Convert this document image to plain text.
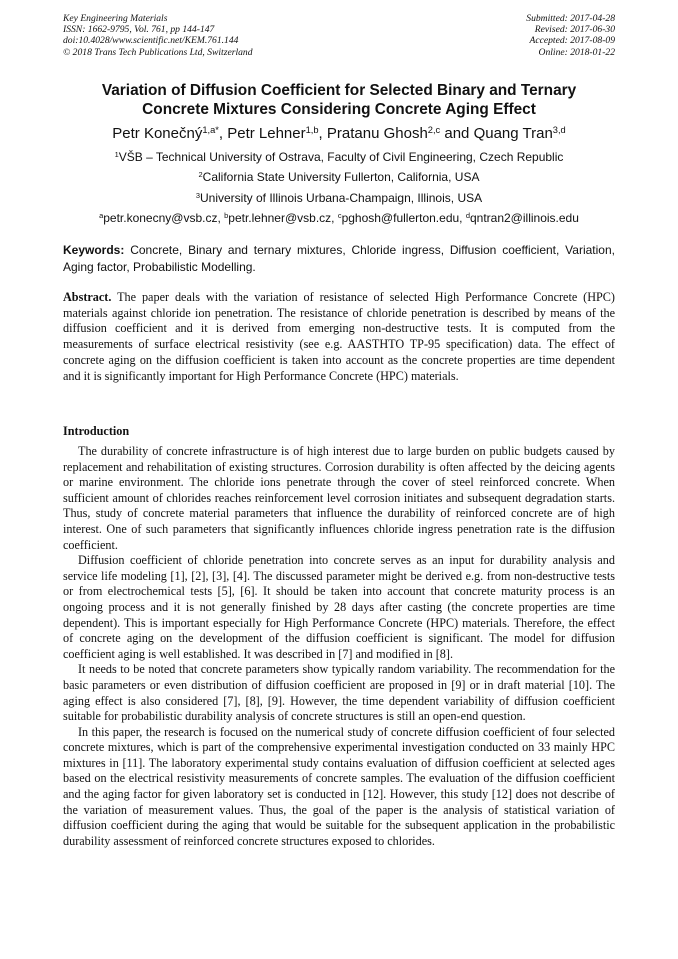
Key Engineering Materials
ISSN: 1662-9795, Vol. 761, pp 144-147
doi:10.4028/www.scientific.net/KEM.761.144
© 2018 Trans Tech Publications Ltd, Switzerland
Submitted: 2017-04-28
Revised: 2017-06-30
Accepted: 2017-08-09
Online: 2018-01-22
Variation of Diffusion Coefficient for Selected Binary and Ternary
Concrete Mixtures Considering Concrete Aging Effect
Petr Konečný$^{1,a*}$, Petr Lehner$^{1,b}$, Pratanu Ghosh$^{2,c}$ and Quang Tran$^{3,d}$
$^1$VŠB – Technical University of Ostrava, Faculty of Civil Engineering, Czech Republic
$^2$California State University Fullerton, California, USA
$^3$University of Illinois Urbana-Champaign, Illinois, USA
$^a$petr.konecny@vsb.cz, $^b$petr.lehner@vsb.cz, $^c$pghosh@fullerton.edu, $^d$qntran2@illinois.edu
Keywords: Concrete, Binary and ternary mixtures, Chloride ingress, Diffusion coefficient, Variation, Aging factor, Probabilistic Modelling.
Abstract. The paper deals with the variation of resistance of selected High Performance Concrete (HPC) materials against chloride ion penetration. The resistance of chloride penetration is described by means of the diffusion coefficient and it is derived from emerging non-destructive tests. It is computed from the measurements of surface electrical resistivity (see e.g. AASTHTO TP-95 specification) data. The effect of concrete aging on the diffusion coefficient is taken into account as the concrete properties are time dependent and it is significantly important for High Performance Concrete (HPC) materials.
Introduction

The durability of concrete infrastructure is of high interest due to large burden on public budgets caused by replacement and rehabilitation of existing structures. Corrosion durability is often affected by the deicing agents or marine environment. The chloride ions penetrate through the cover of steel reinforced concrete. When sufficient amount of chlorides reaches reinforcement level corrosion initiates and subsequent degradation starts. Thus, study of concrete material parameters that influence the durability of reinforced concrete are of high interest. One of such parameters that significantly influences chloride ingress penetration rate is the diffusion coefficient.

Diffusion coefficient of chloride penetration into concrete serves as an input for durability analysis and service life modeling [1], [2], [3], [4]. The discussed parameter might be derived e.g. from non-destructive tests or from electrochemical tests [5], [6]. It should be taken into account that concrete maturity process is an ongoing process and it is not generally finished by 28 days after casting (the concrete properties are time dependent). This is important especially for High Performance Concrete (HPC) materials. Therefore, the effect of concrete aging on the development of the diffusion coefficient is significant. The model for diffusion coefficient aging is well established. It was described in [7] and modified in [8].

It needs to be noted that concrete parameters show typically random variability. The recommendation for the basic parameters or even distribution of diffusion coefficient are proposed in [9] or in draft material [10]. The aging effect is also considered [7], [8], [9]. However, the time dependent variability of diffusion coefficient suitable for probabilistic durability analysis of concrete structures is still an open-end question.

In this paper, the research is focused on the numerical study of concrete diffusion coefficient of four selected concrete mixtures, which is part of the comprehensive experimental investigation conducted on 33 mainly HPC mixtures in [11]. The laboratory experimental study contains evaluation of diffusion coefficient at selected ages based on the electrical resistivity measurements of concrete samples. The evaluation of the diffusion coefficient and the aging factor for given laboratory set is conducted in [12]. However, this study [12] does not describe of the variation of measurement values. Thus, the goal of the paper is the analysis of statistical variation of diffusion coefficient during the aging that would be suitable for the subsequent application in the probabilistic durability assessment of reinforced concrete structures exposed to chlorides.
